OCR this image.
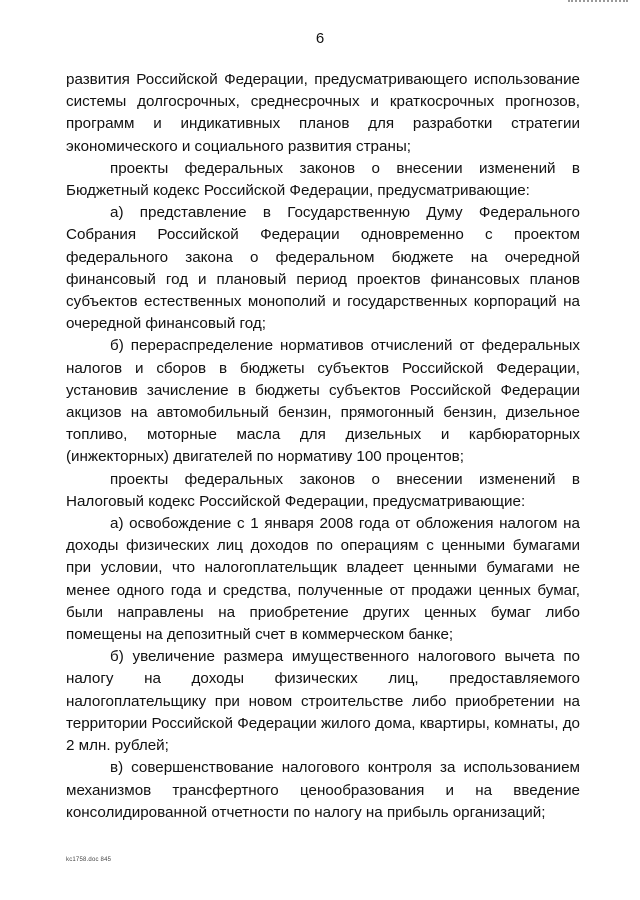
6

развития Российской Федерации, предусматривающего использование системы долгосрочных, среднесрочных и краткосрочных прогнозов, программ и индикативных планов для разработки стратегии экономического и социального развития страны;

проекты федеральных законов о внесении изменений в Бюджетный кодекс Российской Федерации, предусматривающие:

а) представление в Государственную Думу Федерального Собрания Российской Федерации одновременно с проектом федерального закона о федеральном бюджете на очередной финансовый год и плановый период проектов финансовых планов субъектов естественных монополий и государственных корпораций на очередной финансовый год;

б) перераспределение нормативов отчислений от федеральных налогов и сборов в бюджеты субъектов Российской Федерации, установив зачисление в бюджеты субъектов Российской Федерации акцизов на автомобильный бензин, прямогонный бензин, дизельное топливо, моторные масла для дизельных и карбюраторных (инжекторных) двигателей по нормативу 100 процентов;

проекты федеральных законов о внесении изменений в Налоговый кодекс Российской Федерации, предусматривающие:

а) освобождение с 1 января 2008 года от обложения налогом на доходы физических лиц доходов по операциям с ценными бумагами при условии, что налогоплательщик владеет ценными бумагами не менее одного года и средства, полученные от продажи ценных бумаг, были направлены на приобретение других ценных бумаг либо помещены на депозитный счет в коммерческом банке;

б) увеличение размера имущественного налогового вычета по налогу на доходы физических лиц, предоставляемого налогоплательщику при новом строительстве либо приобретении на территории Российской Федерации жилого дома, квартиры, комнаты, до 2 млн. рублей;

в) совершенствование налогового контроля за использованием механизмов трансфертного ценообразования и на введение консолидированной отчетности по налогу на прибыль организаций;

kc1758.doc 845
